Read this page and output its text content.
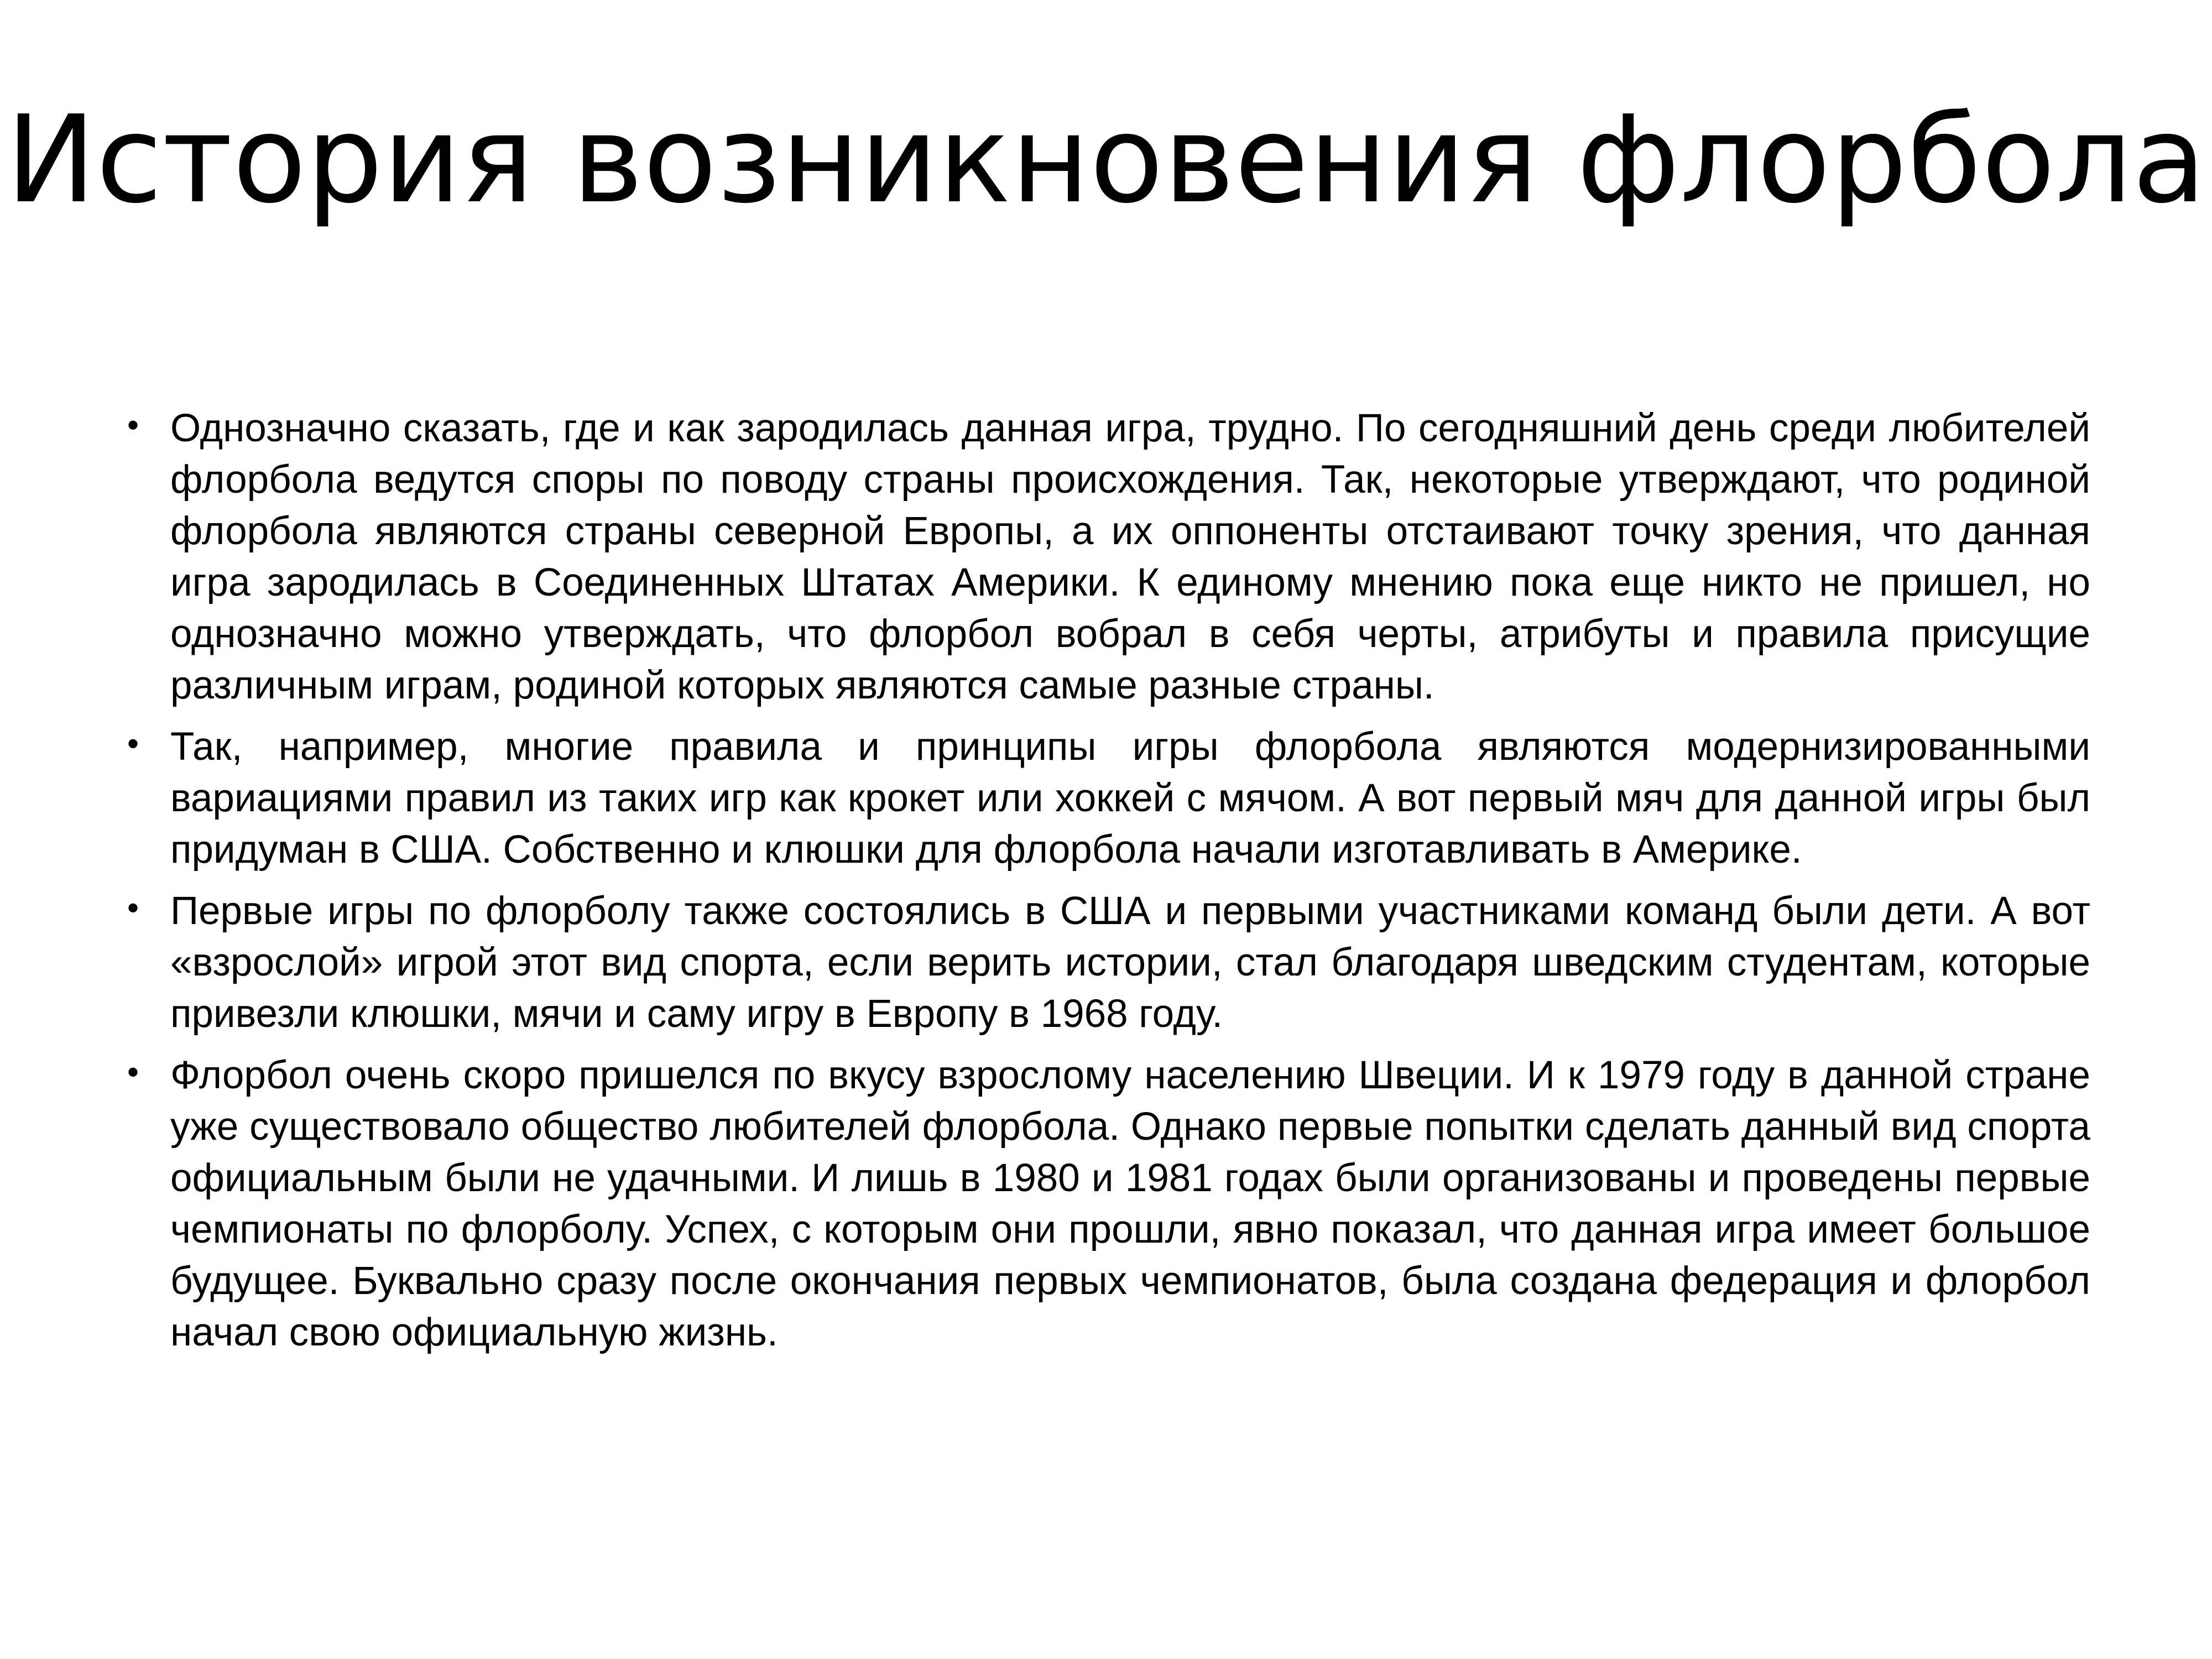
История возникновения флорбола
• Однозначно сказать, где и как зародилась данная игра, трудно. По сегодняшний день среди любителей флорбола ведутся споры по поводу страны происхождения. Так, некоторые утверждают, что родиной флорбола являются страны северной Европы, а их оппоненты отстаивают точку зрения, что данная игра зародилась в Соединенных Штатах Америки. К единому мнению пока еще никто не пришел, но однозначно можно утверждать, что флорбол вобрал в себя черты, атрибуты и правила присущие различным играм, родиной которых являются самые разные страны.
• Так, например, многие правила и принципы игры флорбола являются модернизированными вариациями правил из таких игр как крокет или хоккей с мячом. А вот первый мяч для данной игры был придуман в США. Собственно и клюшки для флорбола начали изготавливать в Америке.
• Первые игры по флорболу также состоялись в США и первыми участниками команд были дети. А вот «взрослой» игрой этот вид спорта, если верить истории, стал благодаря шведским студентам, которые привезли клюшки, мячи и саму игру в Европу в 1968 году.
• Флорбол очень скоро пришелся по вкусу взрослому населению Швеции. И к 1979 году в данной стране уже существовало общество любителей флорбола. Однако первые попытки сделать данный вид спорта официальным были не удачными. И лишь в 1980 и 1981 годах были организованы и проведены первые чемпионаты по флорболу. Успех, с которым они прошли, явно показал, что данная игра имеет большое будущее. Буквально сразу после окончания первых чемпионатов, была создана федерация и флорбол начал свою официальную жизнь.
